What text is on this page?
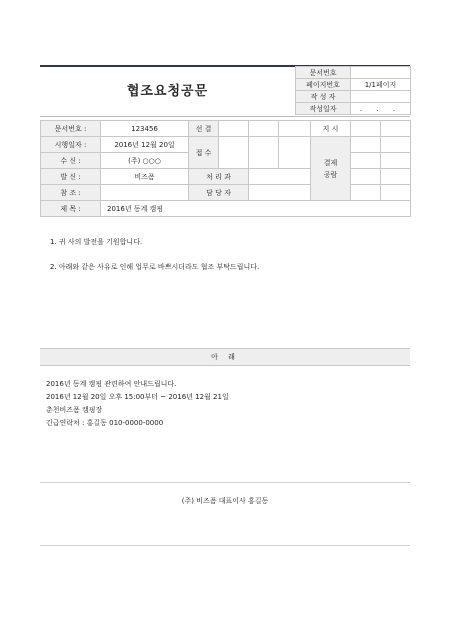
협조요청공문
문서번호	
페이지번호	1/1페이지
작 성 자	
작성일자	. . .
문서번호 :	123456	선 결				지 시		
시행일자 :	2016년 12월 20일	접 수				결제
공람		

수 신 :	(주) ○○○							
발 신 :	비즈폼	처 리 과						
참 조 :		담 당 자						
제 목 :	2016년 동계 캠핑							
1. 귀 사의 발전을 기원합니다.
2. 아래와 같은 사유로 인해 업무로 바쁘시더라도 협조 부탁드립니다.
아 래
2016년 동계 캠핑 관련하여 안내드립니다.
2016년 12월 20일 오후 15:00부터 ~ 2016년 12월 21일
춘천비즈폼 캠핑장
긴급연락처 : 홍길동 010-0000-0000
(주) 비즈폼 대표이사 홍길동
